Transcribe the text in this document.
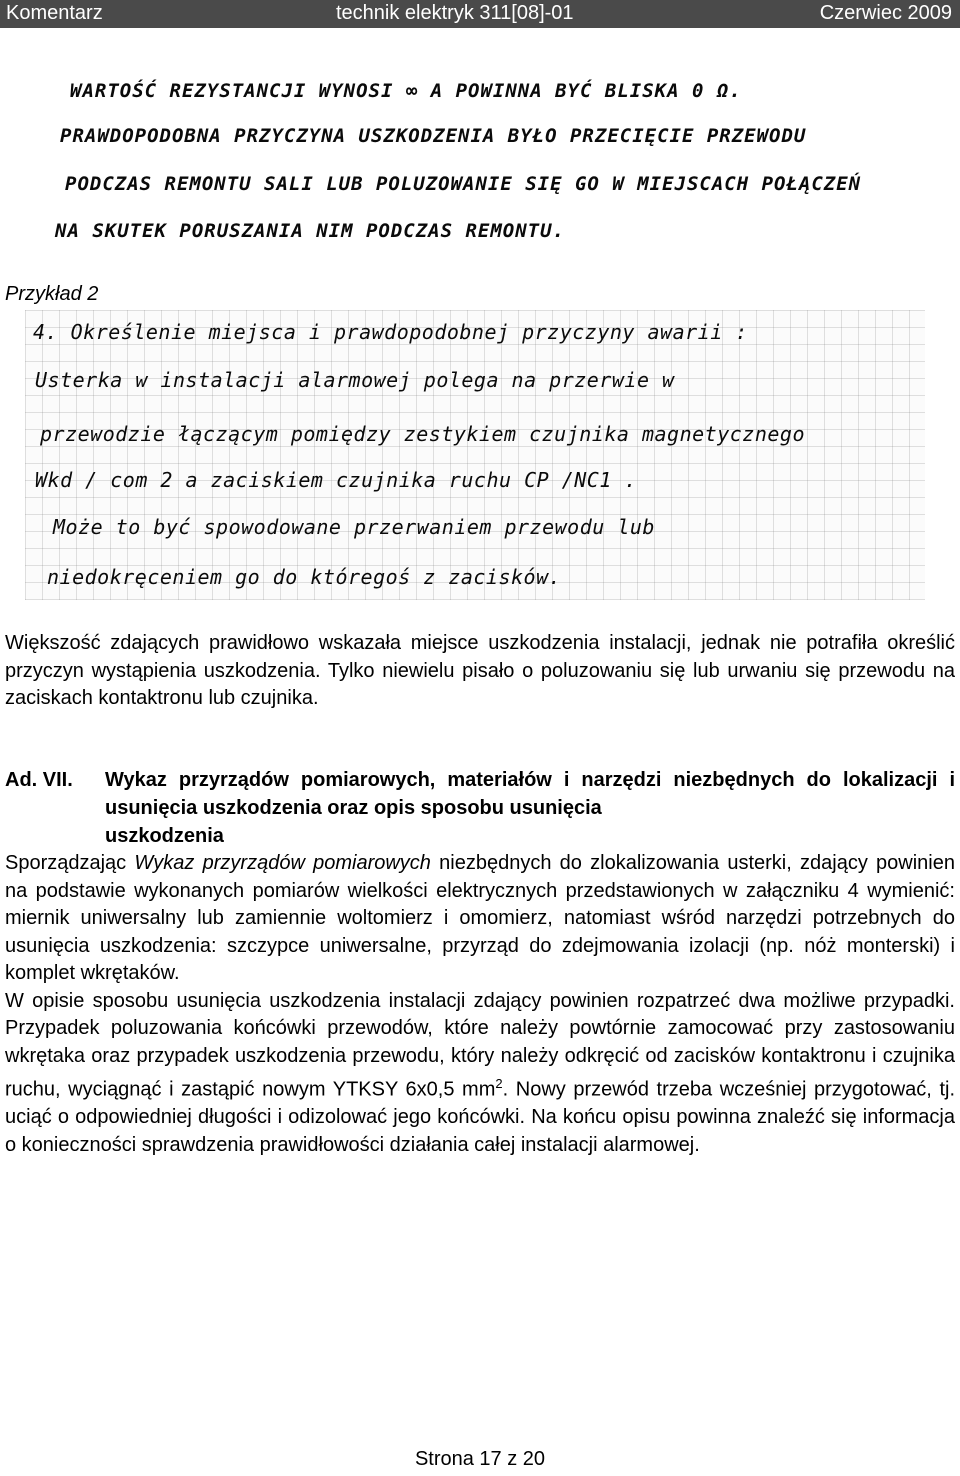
Komentarz	technik elektryk 311[08]-01	Czerwiec 2009
WARTOŚĆ REZYSTANCJI WYNOSI ∞ A POWINNA BYĆ BLISKA 0 Ω.
PRAWDOPODOBNA PRZYCZYNA USZKODZENIA BYŁO PRZECIĘCIE PRZEWODU
PODCZAS REMONTU SALI LUB POLUZOWANIE SIĘ GO W MIEJSCACH POŁĄCZEŃ
NA SKUTEK PORUSZANIA NIM PODCZAS REMONTU.
Przykład 2
4. Określenie miejsca i prawdopodobnej przyczyny awarii :
Usterka w instalacji alarmowej polega na przerwie w
przewodzie łączącym pomiędzy zestykiem czujnika magnetycznego
Wkd / com 2 a zaciskiem czujnika ruchu CP /NC1 .
Może to być spowodowane przerwaniem przewodu lub
niedokręceniem go do któregoś z zacisków.

Większość zdających prawidłowo wskazała miejsce uszkodzenia instalacji, jednak nie potrafiła określić przyczyn wystąpienia uszkodzenia. Tylko niewielu pisało o poluzowaniu się lub urwaniu się przewodu na zaciskach kontaktronu lub czujnika.

Ad. VII. Wykaz przyrządów pomiarowych, materiałów i narzędzi niezbędnych do lokalizacji i usunięcia uszkodzenia oraz opis sposobu usunięcia
uszkodzenia

Sporządzając Wykaz przyrządów pomiarowych niezbędnych do zlokalizowania usterki, zdający powinien na podstawie wykonanych pomiarów wielkości elektrycznych przedstawionych w załączniku 4 wymienić: miernik uniwersalny lub zamiennie woltomierz i omomierz, natomiast wśród narzędzi potrzebnych do usunięcia uszkodzenia: szczypce uniwersalne, przyrząd do zdejmowania izolacji (np. nóż monterski) i komplet wkrętaków.

W opisie sposobu usunięcia uszkodzenia instalacji zdający powinien rozpatrzeć dwa możliwe przypadki. Przypadek poluzowania końcówki przewodów, które należy powtórnie zamocować przy zastosowaniu wkrętaka oraz przypadek uszkodzenia przewodu, który należy odkręcić od zacisków kontaktronu i czujnika ruchu, wyciągnąć i zastąpić nowym YTKSY 6x0,5 $mm^2$. Nowy przewód trzeba wcześniej przygotować, tj. uciąć o odpowiedniej długości i odizolować jego końcówki. Na końcu opisu powinna znaleźć się informacja o konieczności sprawdzenia prawidłowości działania całej instalacji alarmowej.

Strona 17 z 20
